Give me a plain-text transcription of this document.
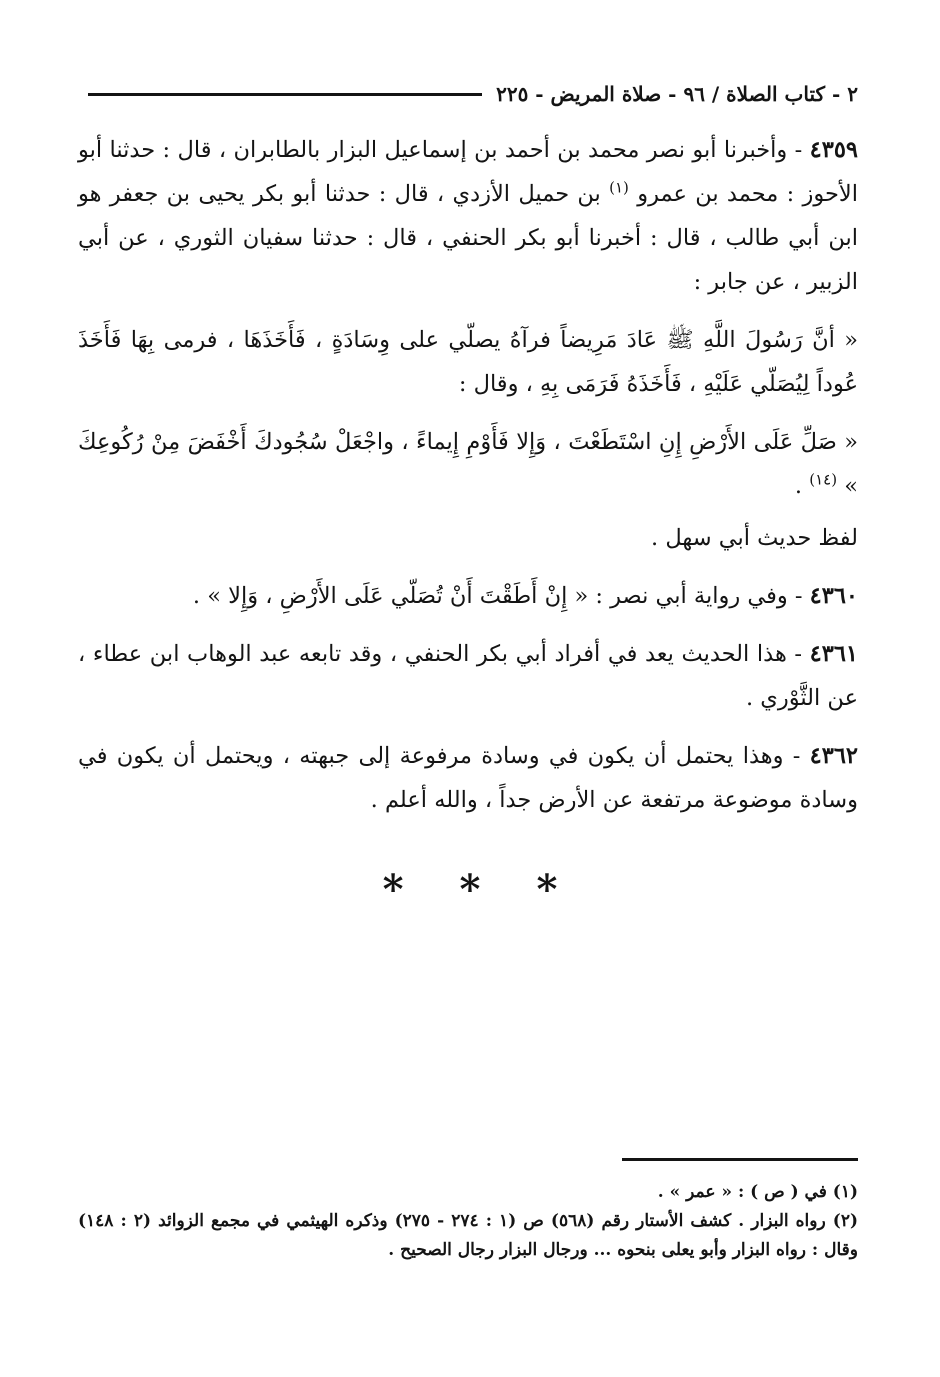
٢ - كتاب الصلاة / ٩٦ - صلاة المريض - ٢٢٥

٤٣٥٩ - وأخبرنا أبو نصر محمد بن أحمد بن إسماعيل البزار بالطابران ، قال : حدثنا أبو الأحوز : محمد بن عمرو $^{(١)}$ بن حميل الأزدي ، قال : حدثنا أبو بكر يحيى بن جعفر هو ابن أبي طالب ، قال : أخبرنا أبو بكر الحنفي ، قال : حدثنا سفيان الثوري ، عن أبي الزبير ، عن جابر :

« أنَّ رَسُولَ اللَّهِ ﷺ عَادَ مَرِيضاً فرآهُ يصلّي على وِسَادَةٍ ، فَأَخَذَهَا ، فرمى بِهَا فَأَخَذَ عُوداً لِيُصَلّي عَلَيْهِ ، فَأَخَذَهُ فَرَمَى بِهِ ، وقال :

« صَلِّ عَلَى الأَرْضِ إِنِ اسْتَطَعْتَ ، وَإِلا فَأَوْمِ إِيماءً ، واجْعَلْ سُجُودكَ أَخْفَضَ مِنْ رُكُوعِكَ » $^{(١٤)}$ .

لفظ حديث أبي سهل .

٤٣٦٠ - وفي رواية أبي نصر : « إِنْ أَطَقْتَ أَنْ تُصَلّي عَلَى الأَرْضِ ، وَإِلا » .

٤٣٦١ - هذا الحديث يعد في أفراد أبي بكر الحنفي ، وقد تابعه عبد الوهاب ابن عطاء ، عن الثَّوْري .

٤٣٦٢ - وهذا يحتمل أن يكون في وسادة مرفوعة إلى جبهته ، ويحتمل أن يكون في وسادة موضوعة مرتفعة عن الأرض جداً ، والله أعلم .

* * *

(١) في ( ص ) : « عمر » .

(٢) رواه البزار . كشف الأستار رقم (٥٦٨) ص (١ : ٢٧٤ - ٢٧٥) وذكره الهيثمي في مجمع الزوائد (٢ : ١٤٨) وقال : رواه البزار وأبو يعلى بنحوه ... ورجال البزار رجال الصحيح .
